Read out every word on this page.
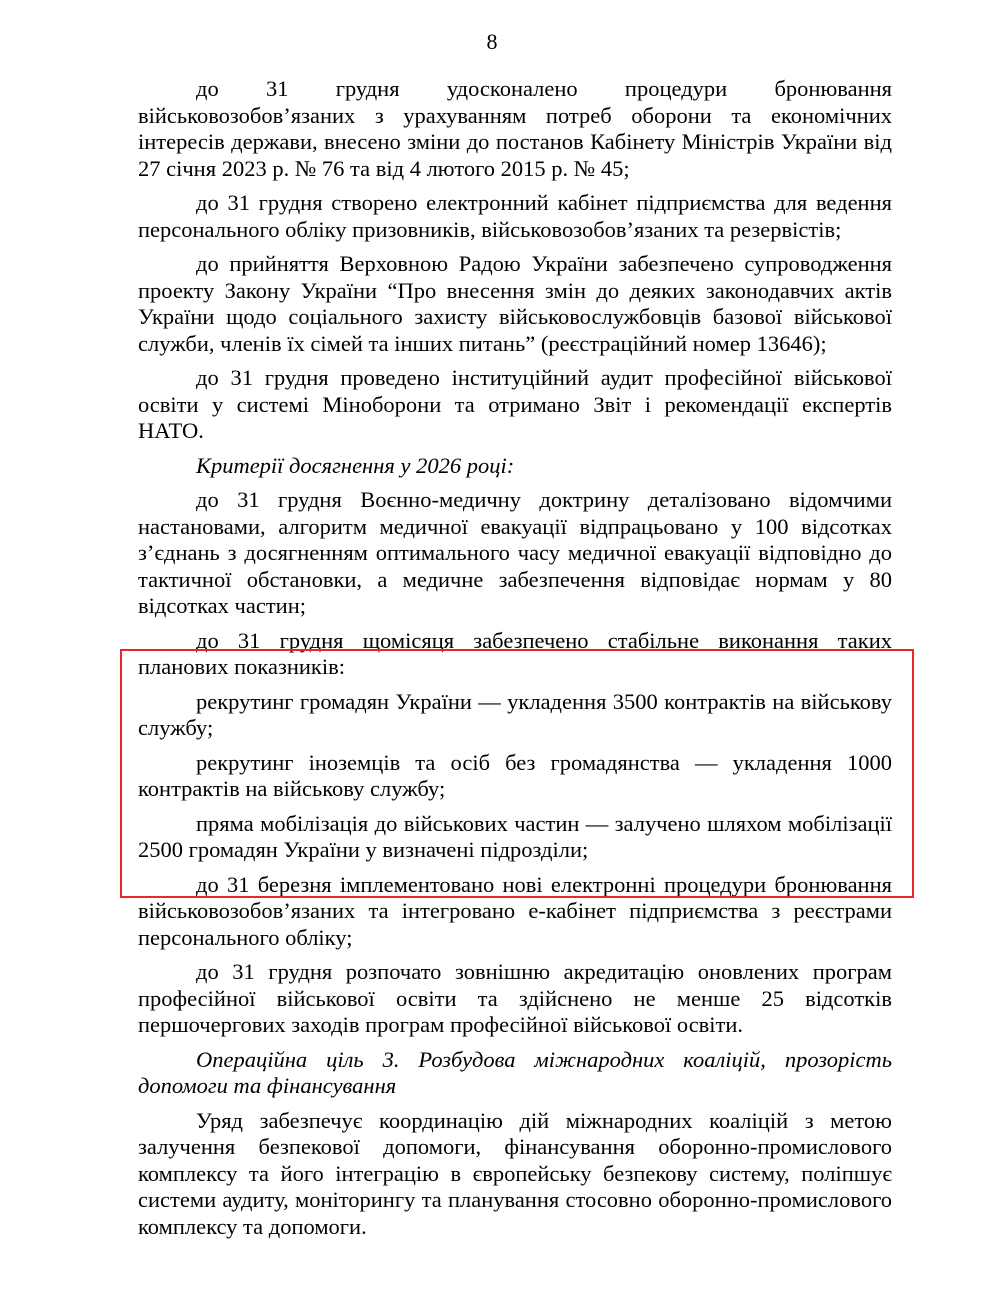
8

до 31 грудня удосконалено процедури бронювання військовозобов’язаних з урахуванням потреб оборони та економічних інтересів держави, внесено зміни до постанов Кабінету Міністрів України від 27 січня 2023 р. № 76 та від 4 лютого 2015 р. № 45;

до 31 грудня створено електронний кабінет підприємства для ведення персонального обліку призовників, військовозобов’язаних та резервістів;

до прийняття Верховною Радою України забезпечено супроводження проекту Закону України “Про внесення змін до деяких законодавчих актів України щодо соціального захисту військовослужбовців базової військової служби, членів їх сімей та інших питань” (реєстраційний номер 13646);

до 31 грудня проведено інституційний аудит професійної військової освіти у системі Міноборони та отримано Звіт і рекомендації експертів НАТО.

Критерії досягнення у 2026 році:

до 31 грудня Воєнно-медичну доктрину деталізовано відомчими настановами, алгоритм медичної евакуації відпрацьовано у 100 відсотках з’єднань з досягненням оптимального часу медичної евакуації відповідно до тактичної обстановки, а медичне забезпечення відповідає нормам у 80 відсотках частин;

до 31 грудня щомісяця забезпечено стабільне виконання таких планових показників:

рекрутинг громадян України — укладення 3500 контрактів на військову службу;

рекрутинг іноземців та осіб без громадянства — укладення 1000 контрактів на військову службу;

пряма мобілізація до військових частин — залучено шляхом мобілізації 2500 громадян України у визначені підрозділи;

до 31 березня імплементовано нові електронні процедури бронювання військовозобов’язаних та інтегровано е-кабінет підприємства з реєстрами персонального обліку;

до 31 грудня розпочато зовнішню акредитацію оновлених програм професійної військової освіти та здійснено не менше 25 відсотків першочергових заходів програм професійної військової освіти.

Операційна ціль 3. Розбудова міжнародних коаліцій, прозорість допомоги та фінансування

Уряд забезпечує координацію дій міжнародних коаліцій з метою залучення безпекової допомоги, фінансування оборонно-промислового комплексу та його інтеграцію в європейську безпекову систему, поліпшує системи аудиту, моніторингу та планування стосовно оборонно-промислового комплексу та допомоги.
